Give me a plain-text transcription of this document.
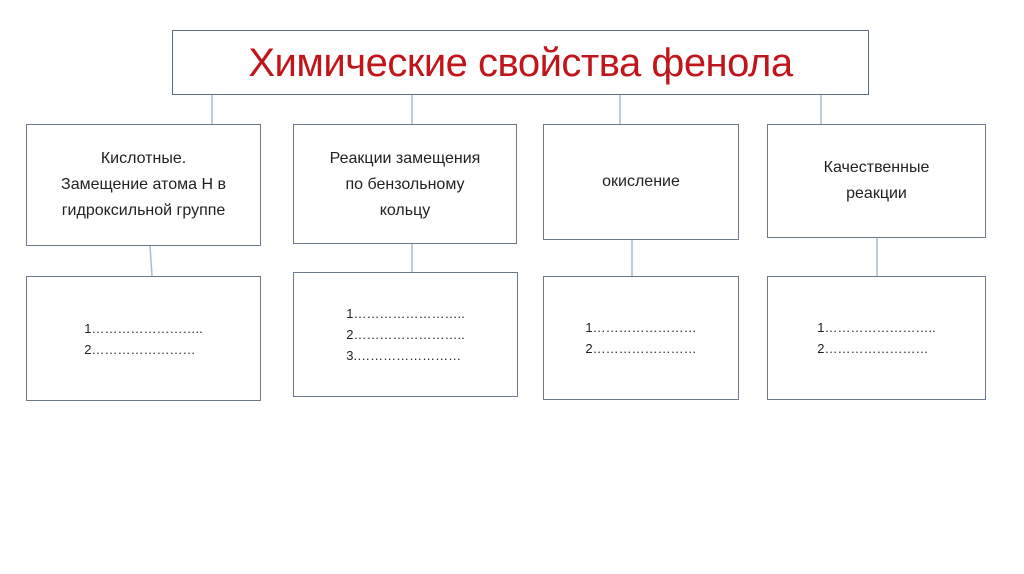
Химические свойства фенола
Кислотные.
Замещение атома Н в
гидроксильной группе
1……………………..
2……………………
Реакции замещения
по бензольному
кольцу
1……………………..
2……………………..
3.……………………
окисление
1……………………
2……………………
Качественные
реакции
1……………………..
2……………………
